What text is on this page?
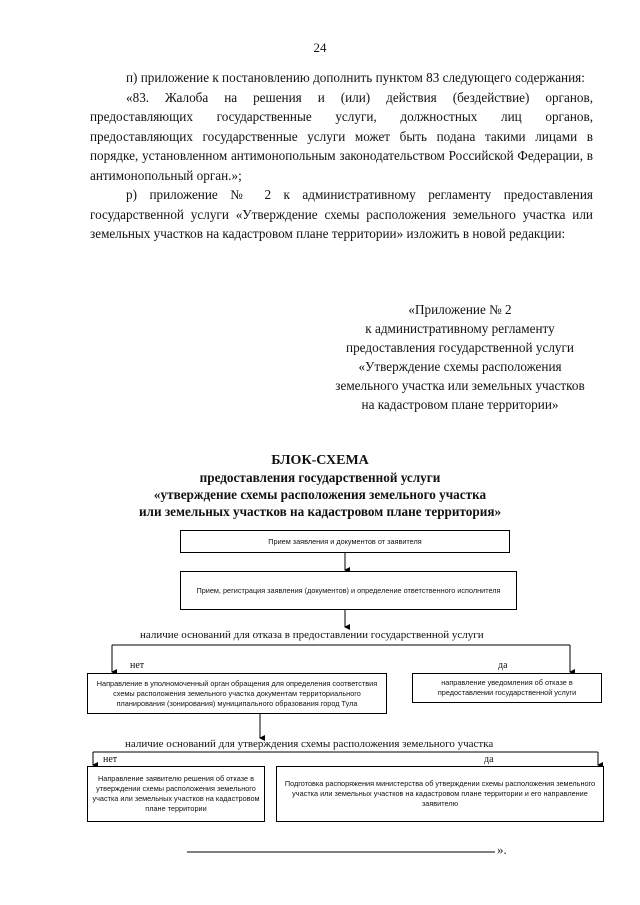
24

п) приложение к постановлению дополнить пунктом 83 следующего содержания:

«83. Жалоба на решения и (или) действия (бездействие) органов, предоставляющих государственные услуги, должностных лиц органов, предоставляющих государственные услуги может быть подана такими лицами в порядке, установленном антимонопольным законодательством Российской Федерации, в антимонопольный орган.»;

р) приложение № 2 к административному регламенту предоставления государственной услуги «Утверждение схемы расположения земельного участка или земельных участков на кадастровом плане территории» изложить в новой редакции:

«Приложение № 2
к административному регламенту
предоставления государственной услуги
«Утверждение схемы расположения
земельного участка или земельных участков
на кадастровом плане территории»
БЛОК-СХЕМА
предоставления государственной услуги
«утверждение схемы расположения земельного участка
или земельных участков на кадастровом плане территория»
Прием заявления и документов от заявителя
Прием, регистрация заявления (документов) и определение ответственного исполнителя
наличие оснований для отказа в предоставлении государственной услуги
нет	да
Направление в уполномоченный орган обращения для определения соответствия схемы расположения земельного участка документам территориального планирования (зонирования) муниципального образования город Тула
направление уведомления об отказе в предоставлении государственной услуги
наличие оснований для утверждения схемы расположения земельного участка
нет	да
Направление заявителю решения об отказе в утверждении схемы расположения земельного участка или земельных участков на кадастровом плане территории
Подготовка распоряжения министерства об утверждении схемы расположения земельного участка или земельных участков на кадастровом плане территории и его направление заявителю
».
